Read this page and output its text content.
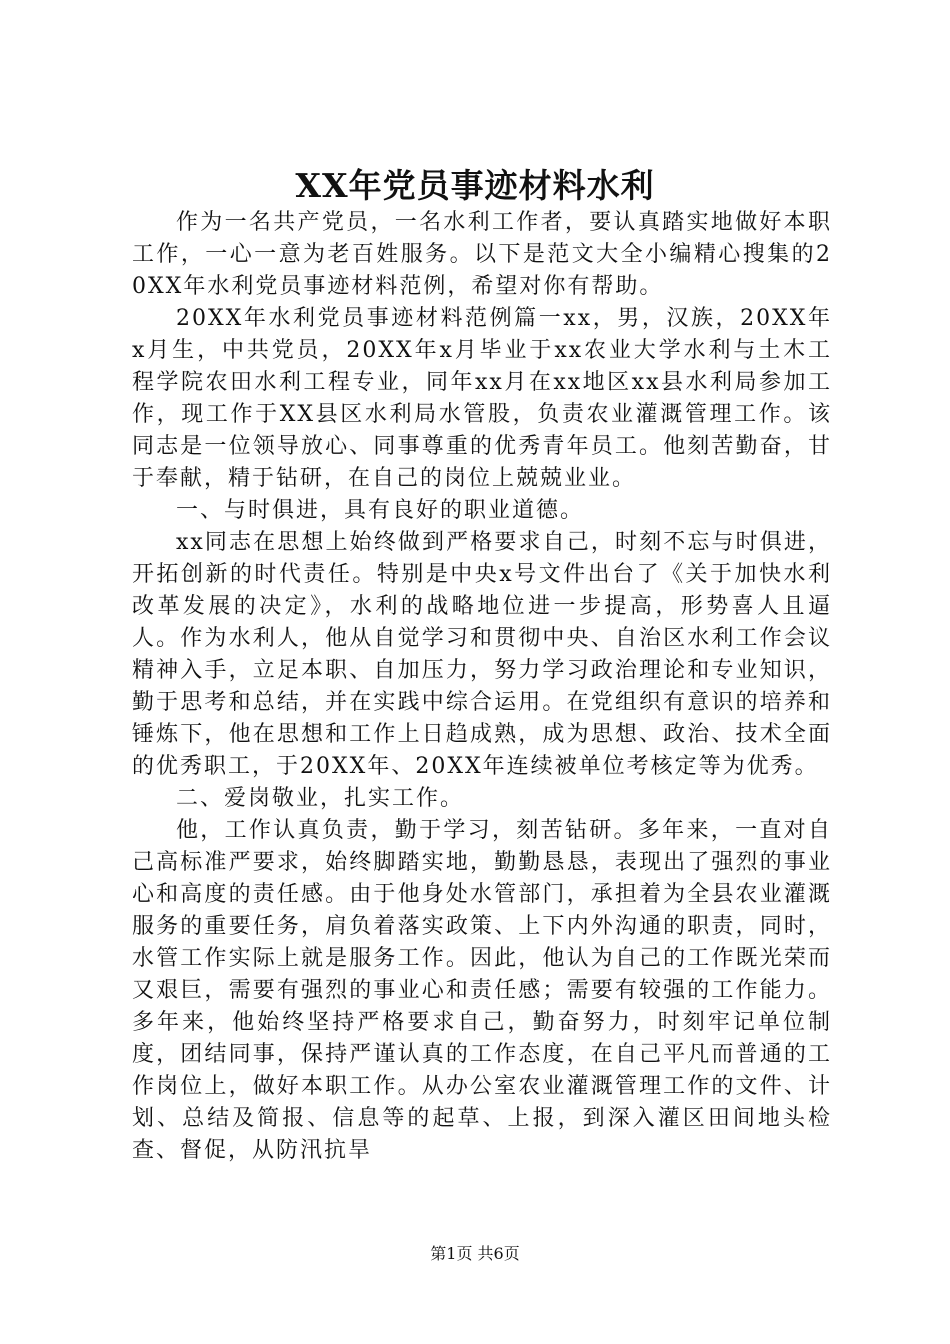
XX年党员事迹材料水利

作为一名共产党员，一名水利工作者，要认真踏实地做好本职工作，一心一意为老百姓服务。以下是范文大全小编精心搜集的20XX年水利党员事迹材料范例，希望对你有帮助。

20XX年水利党员事迹材料范例篇一xx，男，汉族，20XX年x月生，中共党员，20XX年x月毕业于xx农业大学水利与土木工程学院农田水利工程专业，同年xx月在xx地区xx县水利局参加工作，现工作于XX县区水利局水管股，负责农业灌溉管理工作。该同志是一位领导放心、同事尊重的优秀青年员工。他刻苦勤奋，甘于奉献，精于钻研，在自己的岗位上兢兢业业。

一、与时俱进，具有良好的职业道德。

xx同志在思想上始终做到严格要求自己，时刻不忘与时俱进，开拓创新的时代责任。特别是中央x号文件出台了《关于加快水利改革发展的决定》，水利的战略地位进一步提高，形势喜人且逼人。作为水利人，他从自觉学习和贯彻中央、自治区水利工作会议精神入手，立足本职、自加压力，努力学习政治理论和专业知识，勤于思考和总结，并在实践中综合运用。在党组织有意识的培养和锤炼下，他在思想和工作上日趋成熟，成为思想、政治、技术全面的优秀职工，于20XX年、20XX年连续被单位考核定等为优秀。

二、爱岗敬业，扎实工作。

他，工作认真负责，勤于学习，刻苦钻研。多年来，一直对自己高标准严要求，始终脚踏实地，勤勤恳恳，表现出了强烈的事业心和高度的责任感。由于他身处水管部门，承担着为全县农业灌溉服务的重要任务，肩负着落实政策、上下内外沟通的职责，同时，水管工作实际上就是服务工作。因此，他认为自己的工作既光荣而又艰巨，需要有强烈的事业心和责任感；需要有较强的工作能力。多年来，他始终坚持严格要求自己，勤奋努力，时刻牢记单位制度，团结同事，保持严谨认真的工作态度，在自己平凡而普通的工作岗位上，做好本职工作。从办公室农业灌溉管理工作的文件、计划、总结及简报、信息等的起草、上报，到深入灌区田间地头检查、督促，从防汛抗旱

第1页 共6页
